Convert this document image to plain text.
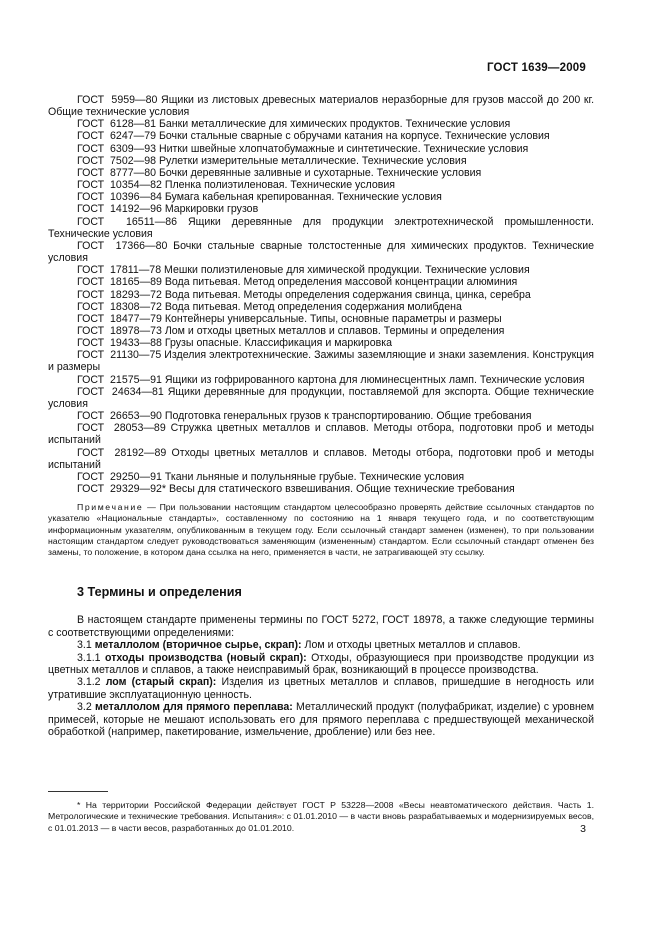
ГОСТ 1639—2009

ГОСТ  5959—80 Ящики из листовых древесных материалов неразборные для грузов массой до 200 кг. Общие технические условия

ГОСТ  6128—81 Банки металлические для химических продуктов. Технические условия

ГОСТ  6247—79 Бочки стальные сварные с обручами катания на корпусе. Технические условия

ГОСТ  6309—93 Нитки швейные хлопчатобумажные и синтетические. Технические условия

ГОСТ  7502—98 Рулетки измерительные металлические. Технические условия

ГОСТ  8777—80 Бочки деревянные заливные и сухотарные. Технические условия

ГОСТ  10354—82 Пленка полиэтиленовая. Технические условия

ГОСТ  10396—84 Бумага кабельная крепированная. Технические условия

ГОСТ  14192—96 Маркировки грузов

ГОСТ  16511—86 Ящики деревянные для продукции электротехнической промышленности. Технические условия

ГОСТ  17366—80 Бочки стальные сварные толстостенные для химических продуктов. Технические условия

ГОСТ  17811—78 Мешки полиэтиленовые для химической продукции. Технические условия

ГОСТ  18165—89 Вода питьевая. Метод определения массовой концентрации алюминия

ГОСТ  18293—72 Вода питьевая. Методы определения содержания свинца, цинка, серебра

ГОСТ  18308—72 Вода питьевая. Метод определения содержания молибдена

ГОСТ  18477—79 Контейнеры универсальные. Типы, основные параметры и размеры

ГОСТ  18978—73 Лом и отходы цветных металлов и сплавов. Термины и определения

ГОСТ  19433—88 Грузы опасные. Классификация и маркировка

ГОСТ  21130—75 Изделия электротехнические. Зажимы заземляющие и знаки заземления. Конструкция и размеры

ГОСТ  21575—91 Ящики из гофрированного картона для люминесцентных ламп. Технические условия

ГОСТ  24634—81 Ящики деревянные для продукции, поставляемой для экспорта. Общие технические условия

ГОСТ  26653—90 Подготовка генеральных грузов к транспортированию. Общие требования

ГОСТ  28053—89 Стружка цветных металлов и сплавов. Методы отбора, подготовки проб и методы испытаний

ГОСТ  28192—89 Отходы цветных металлов и сплавов. Методы отбора, подготовки проб и методы испытаний

ГОСТ  29250—91 Ткани льняные и полульняные грубые. Технические условия

ГОСТ  29329—92* Весы для статического взвешивания. Общие технические требования

Примечание — При пользовании настоящим стандартом целесообразно проверять действие ссылочных стандартов по указателю «Национальные стандарты», составленному по состоянию на 1 января текущего года, и по соответствующим информационным указателям, опубликованным в текущем году. Если ссылочный стандарт заменен (изменен), то при пользовании настоящим стандартом следует руководствоваться заменяющим (измененным) стандартом. Если ссылочный стандарт отменен без замены, то положение, в котором дана ссылка на него, применяется в части, не затрагивающей эту ссылку.
3 Термины и определения

В настоящем стандарте применены термины по ГОСТ 5272, ГОСТ 18978, а также следующие термины с соответствующими определениями:

3.1 металлолом (вторичное сырье, скрап): Лом и отходы цветных металлов и сплавов.

3.1.1 отходы производства (новый скрап): Отходы, образующиеся при производстве продукции из цветных металлов и сплавов, а также неисправимый брак, возникающий в процессе производства.

3.1.2 лом (старый скрап): Изделия из цветных металлов и сплавов, пришедшие в негодность или утратившие эксплуатационную ценность.

3.2 металлолом для прямого переплава: Металлический продукт (полуфабрикат, изделие) с уровнем примесей, которые не мешают использовать его для прямого переплава с предшествующей механической обработкой (например, пакетирование, измельчение, дробление) или без нее.

* На территории Российской Федерации действует ГОСТ Р 53228—2008 «Весы неавтоматического действия. Часть 1. Метрологические и технические требования. Испытания»: с 01.01.2010 — в части вновь разрабатываемых и модернизируемых весов, с 01.01.2013 — в части весов, разработанных до 01.01.2010.	3
